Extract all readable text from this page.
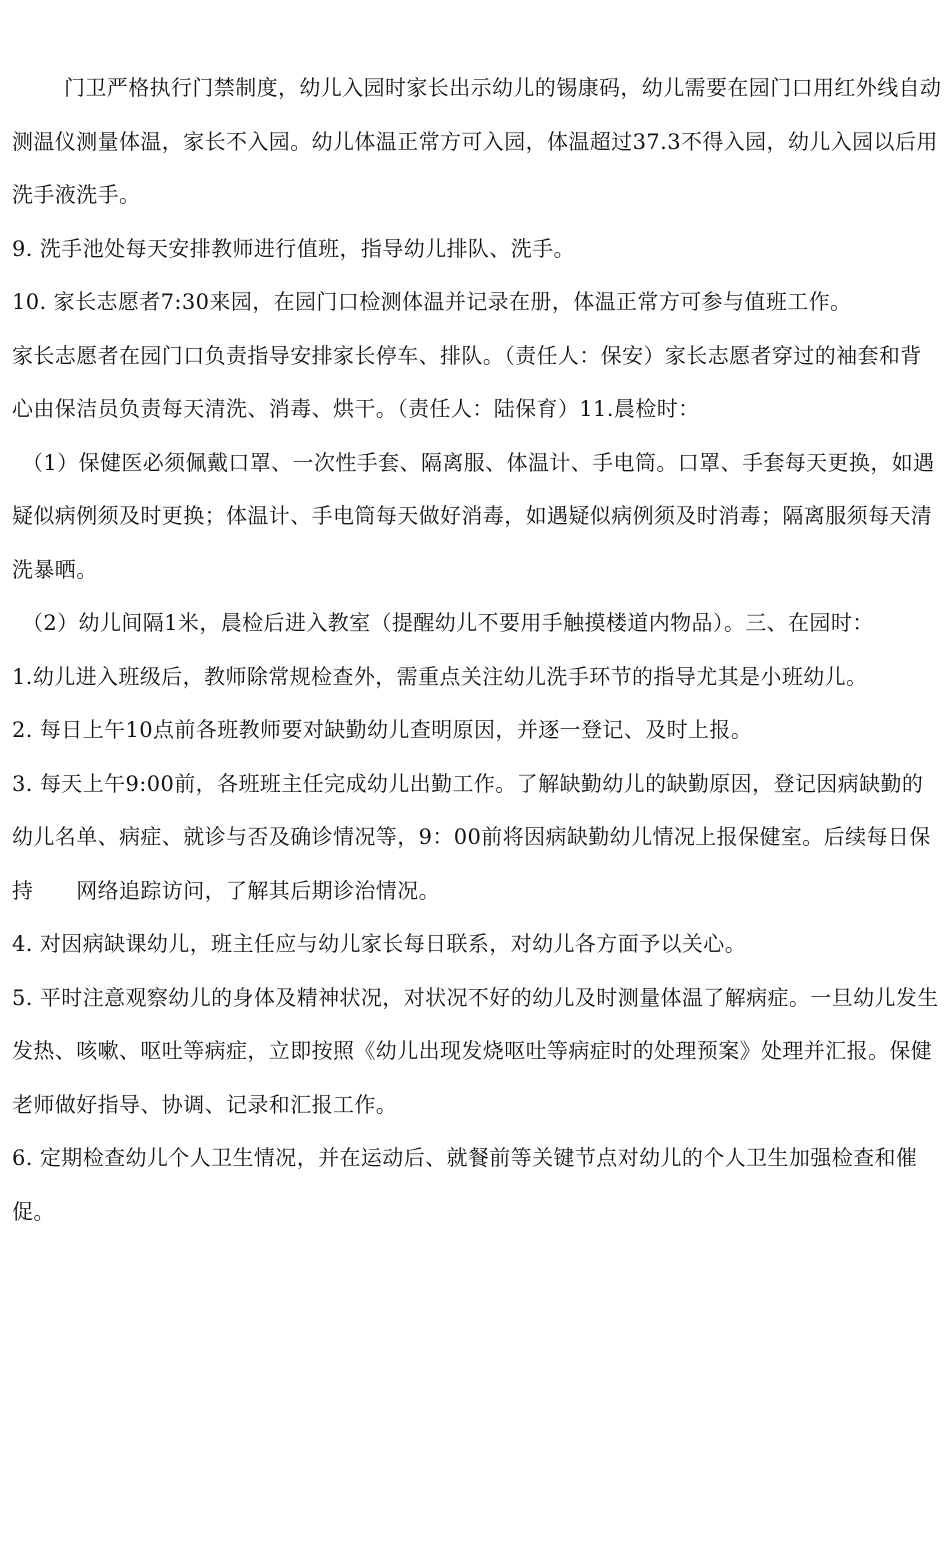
门卫严格执行门禁制度，幼儿入园时家长出示幼儿的锡康码，幼儿需要在园门口用红外线自动测温仪测量体温，家长不入园。幼儿体温正常方可入园，体温超过37.3不得入园，幼儿入园以后用洗手液洗手。

9. 洗手池处每天安排教师进行值班，指导幼儿排队、洗手。

10. 家长志愿者7:30来园，在园门口检测体温并记录在册，体温正常方可参与值班工作。

家长志愿者在园门口负责指导安排家长停车、排队。（责任人：保安）家长志愿者穿过的袖套和背心由保洁员负责每天清洗、消毒、烘干。（责任人：陆保育）11.晨检时：

（1）保健医必须佩戴口罩、一次性手套、隔离服、体温计、手电筒。口罩、手套每天更换，如遇疑似病例须及时更换；体温计、手电筒每天做好消毒，如遇疑似病例须及时消毒；隔离服须每天清洗暴晒。

（2）幼儿间隔1米，晨检后进入教室（提醒幼儿不要用手触摸楼道内物品）。三、在园时：

1.幼儿进入班级后，教师除常规检查外，需重点关注幼儿洗手环节的指导尤其是小班幼儿。

2. 每日上午10点前各班教师要对缺勤幼儿查明原因，并逐一登记、及时上报。

3. 每天上午9:00前，各班班主任完成幼儿出勤工作。了解缺勤幼儿的缺勤原因，登记因病缺勤的幼儿名单、病症、就诊与否及确诊情况等，9：00前将因病缺勤幼儿情况上报保健室。后续每日保持　　网络追踪访问，了解其后期诊治情况。

4. 对因病缺课幼儿，班主任应与幼儿家长每日联系，对幼儿各方面予以关心。

5. 平时注意观察幼儿的身体及精神状况，对状况不好的幼儿及时测量体温了解病症。一旦幼儿发生发热、咳嗽、呕吐等病症，立即按照《幼儿出现发烧呕吐等病症时的处理预案》处理并汇报。保健老师做好指导、协调、记录和汇报工作。

6. 定期检查幼儿个人卫生情况，并在运动后、就餐前等关键节点对幼儿的个人卫生加强检查和催促。
